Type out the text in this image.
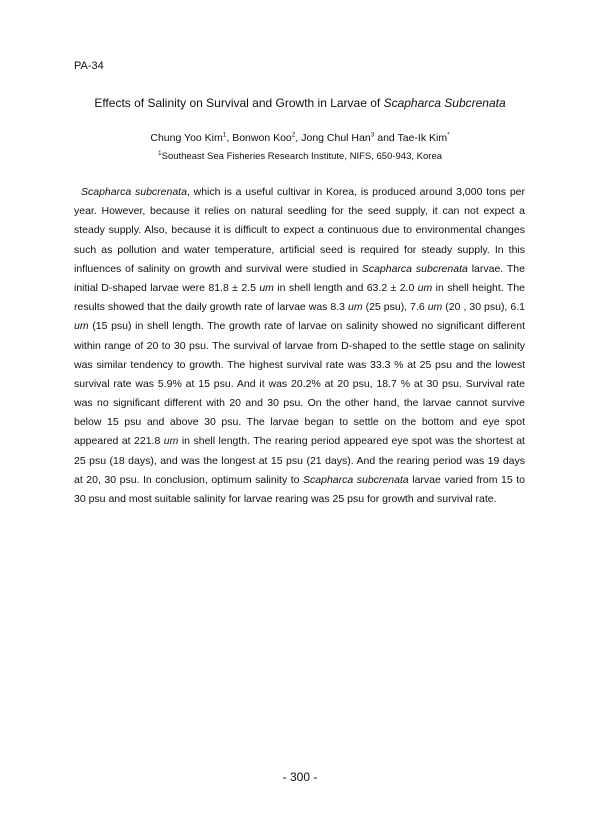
PA-34
Effects of Salinity on Survival and Growth in Larvae of Scapharca Subcrenata
Chung Yoo Kim$^1$, Bonwon Koo$^2$, Jong Chul Han$^3$ and Tae-Ik Kim*
$^1$Southeast Sea Fisheries Research Institute, NIFS, 650-943, Korea
Scapharca subcrenata, which is a useful cultivar in Korea, is produced around 3,000 tons per
year. However, because it relies on natural seedling for the seed supply, it can not expect a
steady supply. Also, because it is difficult to expect a continuous due to environmental changes
such as pollution and water temperature, artificial seed is required for steady supply. In this
influences of salinity on growth and survival were studied in Scapharca subcrenata larvae. The
initial D-shaped larvae were 81.8 ± 2.5 um in shell length and 63.2 ± 2.0 um in shell height. The
results showed that the daily growth rate of larvae was 8.3 um (25 psu), 7.6 um (20 , 30 psu), 6.1
um (15 psu) in shell length. The growth rate of larvae on salinity showed no significant different
within range of 20 to 30 psu. The survival of larvae from D-shaped to the settle stage on salinity
was similar tendency to growth. The highest survival rate was 33.3 % at 25 psu and the lowest
survival rate was 5.9% at 15 psu. And it was 20.2% at 20 psu, 18.7 % at 30 psu. Survival rate
was no significant different with 20 and 30 psu. On the other hand, the larvae cannot survive
below 15 psu and above 30 psu. The larvae began to settle on the bottom and eye spot
appeared at 221.8 um in shell length. The rearing period appeared eye spot was the shortest at
25 psu (18 days), and was the longest at 15 psu (21 days). And the rearing period was 19 days
at 20, 30 psu. In conclusion, optimum salinity to Scapharca subcrenata larvae varied from 15 to
30 psu and most suitable salinity for larvae rearing was 25 psu for growth and survival rate.
- 300 -
